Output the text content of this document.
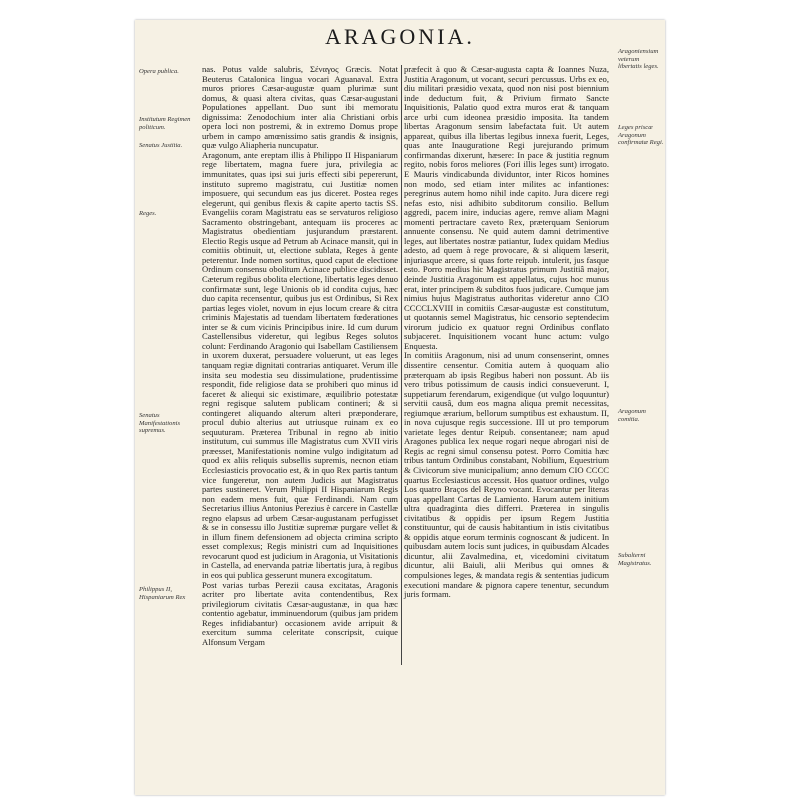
ARAGONIA.

nas. Potus valde salubris, Σέναγος Græcis. Notat Beuterus Catalonica lingua vocari Aguanaval. Extra muros priores Cæsar-augustæ quam plurimæ sunt domus, & quasi altera civitas, quas Cæsar-augustani Populationes appellant. Duo sunt ibi memoratu dignissima: Zenodochium inter alia Christiani orbis opera loci non postremi, & in extremo Domus prope urbem in campo amœnissimo satis grandis & insignis, quæ vulgo Aliapheria nuncupatur.

Aragonum, ante ereptam illis à Philippo II Hispaniarum rege libertatem, magna fuere jura, privilegia ac immunitates, quas ipsi sui juris effecti sibi pepererunt, instituto supremo magistratu, cui Justitiæ nomen imposuere, qui secundum eas jus diceret. Postea reges elegerunt, qui genibus flexis & capite aperto tactis SS. Evangeliis coram Magistratu eas se servaturos religioso Sacramento obstringebant, antequam iis proceres ac Magistratus obedientiam jusjurandum præstarent. Electio Regis usque ad Petrum ab Acinace mansit, qui in comitiis obtinuit, ut, electione sublata, Reges à gente peterentur. Inde nomen sortitus, quod caput de electione Ordinum consensu obolitum Acinace publice discidisset. Cæterum regibus obolita electione, libertatis leges denuo confirmatæ sunt, lege Unionis ob id condita cujus, hæc duo capita recensentur, quibus jus est Ordinibus, Si Rex partias leges violet, novum in ejus locum creare & citra criminis Majestatis ad tuendam libertatem fœderationes inter se & cum vicinis Principibus inire. Id cum durum Castellensibus videretur, qui legibus Reges solutos colunt: Ferdinando Aragonio qui Isabellam Castiliensem in uxorem duxerat, persuadere voluerunt, ut eas leges tanquam regiæ dignitati contrarias antiquaret. Verum ille insita seu modestia seu dissimulatione, prudentissime respondit, fide religiose data se prohiberi quo minus id faceret & aliequi sic existimare, æquilibrio potestatæ regni regisque salutem publicam contineri; & si contingeret aliquando alterum alteri præponderare, procul dubio alterius aut utriusque ruinam ex eo sequuturam. Præterea Tribunal in regno ab initio institutum, cui summus ille Magistratus cum XVII viris præesset, Manifestationis nomine vulgo indigitatum ad quod ex aliis reliquis subsellis supremis, necnon etiam Ecclesiasticis provocatio est, & in quo Rex partis tantum vice fungeretur, non autem Judicis aut Magistratus partes sustineret. Verum Philippi II Hispaniarum Regis non eadem mens fuit, quæ Ferdinandi. Nam cum Secretarius illius Antonius Perezius è carcere in Castellæ regno elapsus ad urbem Cæsar-augustanam perfugisset & se in consessu illo Justitiæ supremæ purgare vellet & in illum finem defensionem ad objecta crimina scripto esset complexus; Regis ministri cum ad Inquisitiones revocarunt quod est judicium in Aragonia, ut Visitationis in Castella, ad enervanda patriæ libertatis jura, à regibus in eos qui publica gesserunt munera excogitatum.

Post varias turbas Perezii causa excitatas, Aragonis acriter pro libertate avita contendentibus, Rex privilegiorum civitatis Cæsar-augustanæ, in qua hæc contentio agebatur, imminuendorum (quibus jam pridem Reges infidiabantur) occasionem avide arripuit & exercitum summa celeritate conscripsit, cuique Alfonsum Vergam

præfecit à quo & Cæsar-augusta capta & Ioannes Nuza, Justitia Aragonum, ut vocant, securi percussus. Urbs ex eo, diu militari præsidio vexata, quod non nisi post biennium inde deductum fuit, & Privium firmato Sancte Inquisitionis, Palatio quod extra muros erat & tanquam arce urbi cum ideonea præsidio imposita. Ita tandem libertas Aragonum sensim labefactata fuit. Ut autem appareat, quibus illa libertas legibus innexa fuerit, Leges, quas ante Inauguratione Regi jurejurando primum confirmandas dixerunt, hæsere: In pace & justitia regnum regito, nobis foros meliores (Fori illis leges sunt) irrogato. E Mauris vindicabunda dividuntor, inter Ricos homines non modo, sed etiam inter milites ac infantiones: peregrinus autem homo nihil inde capito. Jura dicere regi nefas esto, nisi adhibito subditorum consilio. Bellum aggredi, pacem inire, inducias agere, remve aliam Magni momenti pertractare caveto Rex, præterquam Seniorum annuente consensu. Ne quid autem damni detrimentive leges, aut libertates nostræ patiantur, Iudex quidam Medius adesto, ad quem à rege provocare, & si aliquem læserit, injuriasque arcere, si quas forte reipub. intulerit, jus fasque esto. Porro medius hic Magistratus primum Justitiâ major, deinde Justitia Aragonum est appellatus, cujus hoc munus erat, inter principem & subditos fuos judicare. Cumque jam nimius hujus Magistratus authoritas videretur anno CIO CCCCLXVIII in comitiis Cæsar-augustæ est constitutum, ut quotannis semel Magistratus, hic censorio septendecim virorum judicio ex quatuor regni Ordinibus conflato subjaceret. Inquisitionem vocant hunc actum: vulgo Enquesta.

In comitiis Aragonum, nisi ad unum consenserint, omnes dissentire censentur. Comitia autem à quoquam alio præterquam ab ipsis Regibus haberi non possunt. Ab iis vero tribus potissimum de causis indici consueverunt. I, suppetiarum ferendarum, exigendique (ut vulgo loquuntur) servitii causâ, dum eos magna aliqua premit necessitas, regiumque ærarium, bellorum sumptibus est exhaustum. II, in nova cujusque regis successione. III ut pro temporum varietate leges dentur Reipub. consentaneæ; nam apud Aragones publica lex neque rogari neque abrogari nisi de Regis ac regni simul consensu potest. Porro Comitia hæc tribus tantum Ordinibus constabant, Nobilium, Equestrium & Civicorum sive municipalium; anno demum CIO CCCC quartus Ecclesiasticus accessit. Hos quatuor ordines, vulgo Los quatro Braços del Reyno vocant. Evocantur per literas quas appellant Cartas de Lamiento. Harum autem initium ultra quadraginta dies differri. Præterea in singulis civitatibus & oppidis per ipsum Regem Justitia constituuntur, qui de causis habitantium in istis civitatibus & oppidis atque eorum terminis cognoscant & judicent. In quibusdam autem locis sunt judices, in quibusdam Alcades dicuntur, alii Zavalmedina, et, vicedomini civitatum dicuntur, alii Baiuli, alii Meribus qui omnes & compulsiones leges, & mandata regis & sententias judicum executioni mandare & pignora capere tenentur, secundum juris formam.

Opera publica.

Institutum Regimen politicum.

Senatus Justitia.

Reges.

Senatus Manifestationis supremus.

Philippus II, Hispaniarum Rex

Aragoniensium veterum libertatis leges.

Leges priscæ Aragonum confirmatæ Regi.

Aragonum comitia.

Subalterni Magistratus.
